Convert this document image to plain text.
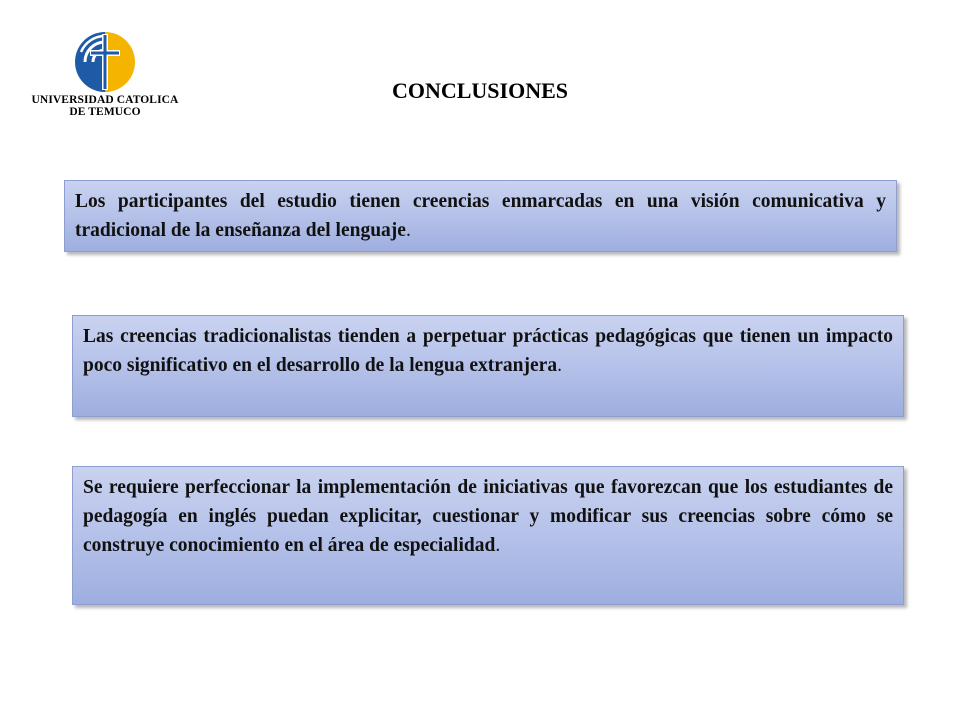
UNIVERSIDAD CATOLICA
DE TEMUCO
CONCLUSIONES
Los participantes del estudio tienen creencias enmarcadas en una visión comunicativa y tradicional de la enseñanza del lenguaje.
Las creencias tradicionalistas tienden a perpetuar prácticas pedagógicas que tienen un impacto poco significativo en el desarrollo de la lengua extranjera.
Se requiere perfeccionar la implementación de iniciativas que favorezcan que los estudiantes de pedagogía en inglés puedan explicitar, cuestionar y modificar sus creencias sobre cómo se construye conocimiento en el área de especialidad.
